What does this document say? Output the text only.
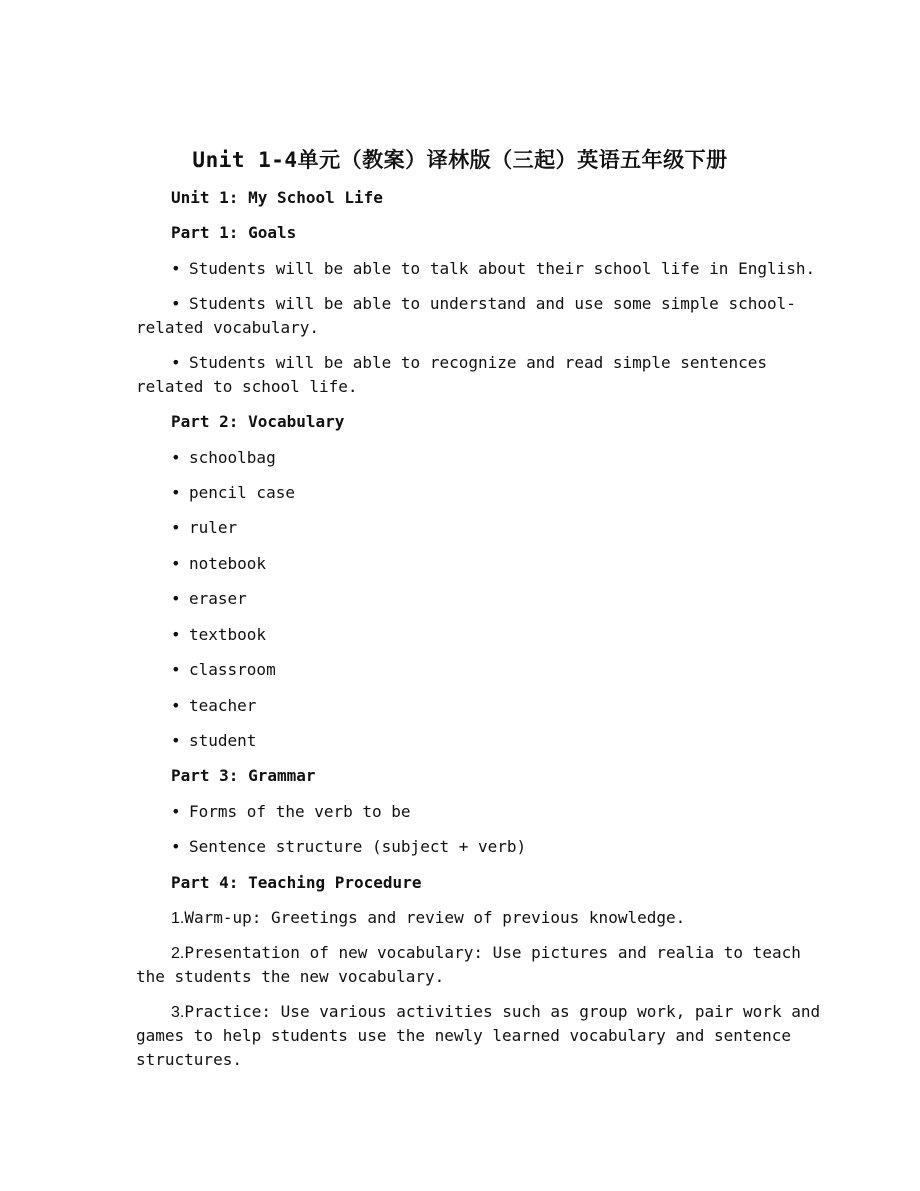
Unit 1-4单元（教案）译林版（三起）英语五年级下册
Unit 1: My School Life
Part 1: Goals
• Students will be able to talk about their school life in English.
• Students will be able to understand and use some simple school-
related vocabulary.
• Students will be able to recognize and read simple sentences
related to school life.
Part 2: Vocabulary
• schoolbag
• pencil case
• ruler
• notebook
• eraser
• textbook
• classroom
• teacher
• student
Part 3: Grammar
• Forms of the verb to be
• Sentence structure (subject + verb)
Part 4: Teaching Procedure
1.Warm-up: Greetings and review of previous knowledge.
2.Presentation of new vocabulary: Use pictures and realia to teach
the students the new vocabulary.
3.Practice: Use various activities such as group work, pair work and
games to help students use the newly learned vocabulary and sentence
structures.
